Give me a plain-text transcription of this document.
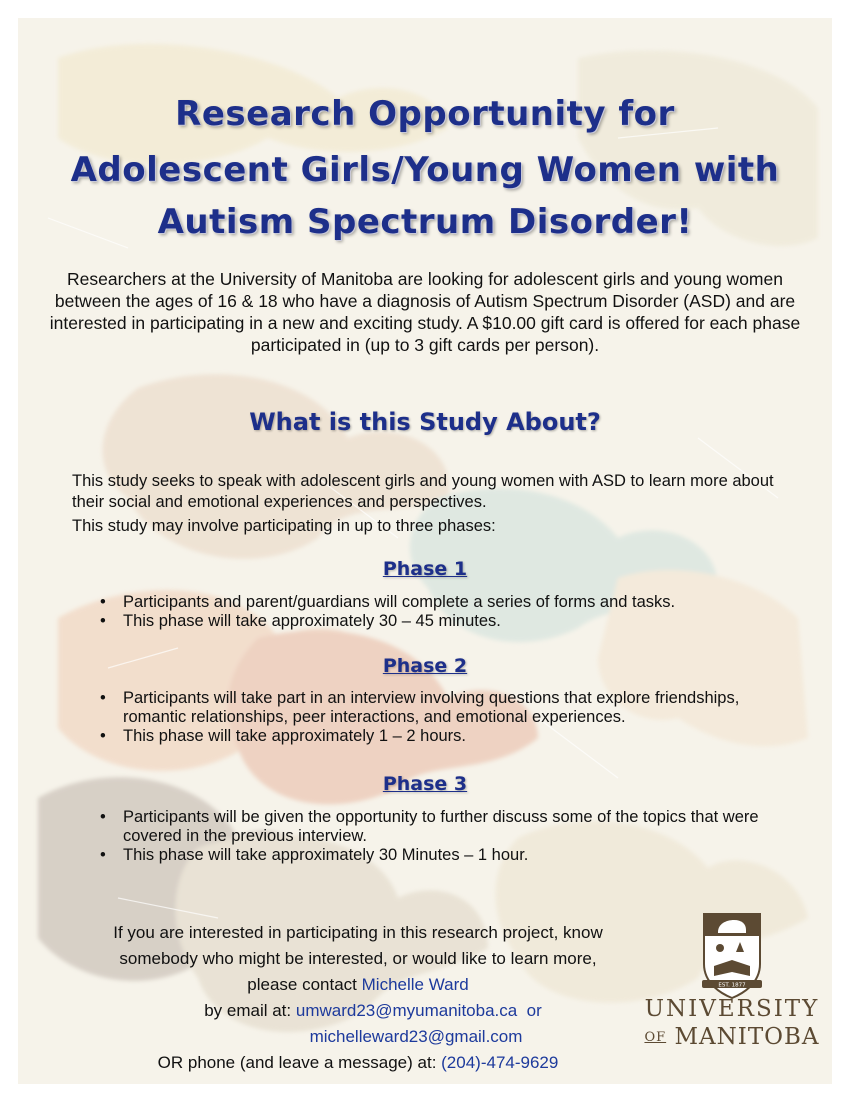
Research Opportunity for
Adolescent Girls/Young Women with
Autism Spectrum Disorder!

Researchers at the University of Manitoba are looking for adolescent girls and young women between the ages of 16 & 18 who have a diagnosis of Autism Spectrum Disorder (ASD) and are interested in participating in a new and exciting study. A $10.00 gift card is offered for each phase participated in (up to 3 gift cards per person).

What is this Study About?

This study seeks to speak with adolescent girls and young women with ASD to learn more about their social and emotional experiences and perspectives.

This study may involve participating in up to three phases:

Phase 1
• Participants and parent/guardians will complete a series of forms and tasks.
• This phase will take approximately 30 – 45 minutes.
Phase 2
• Participants will take part in an interview involving questions that explore friendships, romantic relationships, peer interactions, and emotional experiences.
• This phase will take approximately 1 – 2 hours.
Phase 3
• Participants will be given the opportunity to further discuss some of the topics that were covered in the previous interview.
• This phase will take approximately 30 Minutes – 1 hour.
If you are interested in participating in this research project, know
somebody who might be interested, or would like to learn more,
please contact Michelle Ward
by email at: umward23@myumanitoba.ca or
michelleward23@gmail.com
OR phone (and leave a message) at: (204)-474-9629
EST. 1877
UNIVERSITY
OF MANITOBA
